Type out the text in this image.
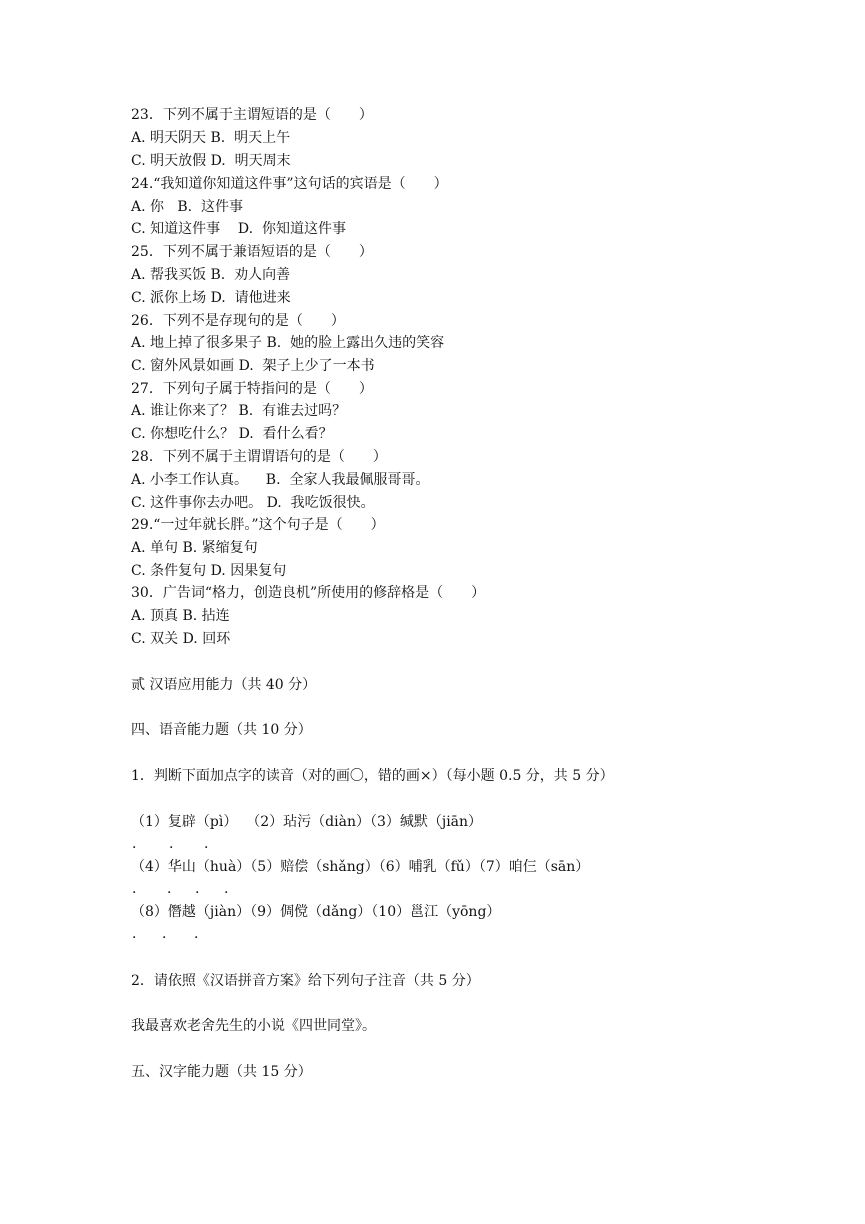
23．下列不属于主谓短语的是（　　）
A. 明天阴天 B.  明天上午
C. 明天放假 D.  明天周末
24.“我知道你知道这件事”这句话的宾语是（　　）
A. 你   B.  这件事
C. 知道这件事    D.  你知道这件事
25．下列不属于兼语短语的是（　　）
A. 帮我买饭 B.  劝人向善
C. 派你上场 D.  请他进来
26．下列不是存现句的是（　　）
A. 地上掉了很多果子 B.  她的脸上露出久违的笑容
C. 窗外风景如画 D.  架子上少了一本书
27．下列句子属于特指问的是（　　）
A. 谁让你来了？ B.  有谁去过吗？
C. 你想吃什么？ D.  看什么看？
28．下列不属于主谓谓语句的是（　　）
A. 小李工作认真。    B.  全家人我最佩服哥哥。
C. 这件事你去办吧。 D.  我吃饭很快。
29.“一过年就长胖。”这个句子是（　　）
A. 单句 B. 紧缩复句
C. 条件复句 D. 因果复句
30．广告词“格力，创造良机”所使用的修辞格是（　　）
A. 顶真 B. 拈连
C. 双关 D. 回环
贰 汉语应用能力（共 40 分）
四、语音能力题（共 10 分）
1．判断下面加点字的读音（对的画〇，错的画×）（每小题 0.5 分，共 5 分）
（1）复辟（pì）  （2）玷污（diàn）（3）缄默（jiān）
· · ·
（4）华山（huà）（5）赔偿（shǎng）（6）哺乳（fǔ）（7）咱仨（sān）
· · · ·
（8）僭越（jiàn）（9）倜傥（dǎng）（10）邕江（yōng）
· · ·
2．请依照《汉语拼音方案》给下列句子注音（共 5 分）
我最喜欢老舍先生的小说《四世同堂》。
五、汉字能力题（共 15 分）
